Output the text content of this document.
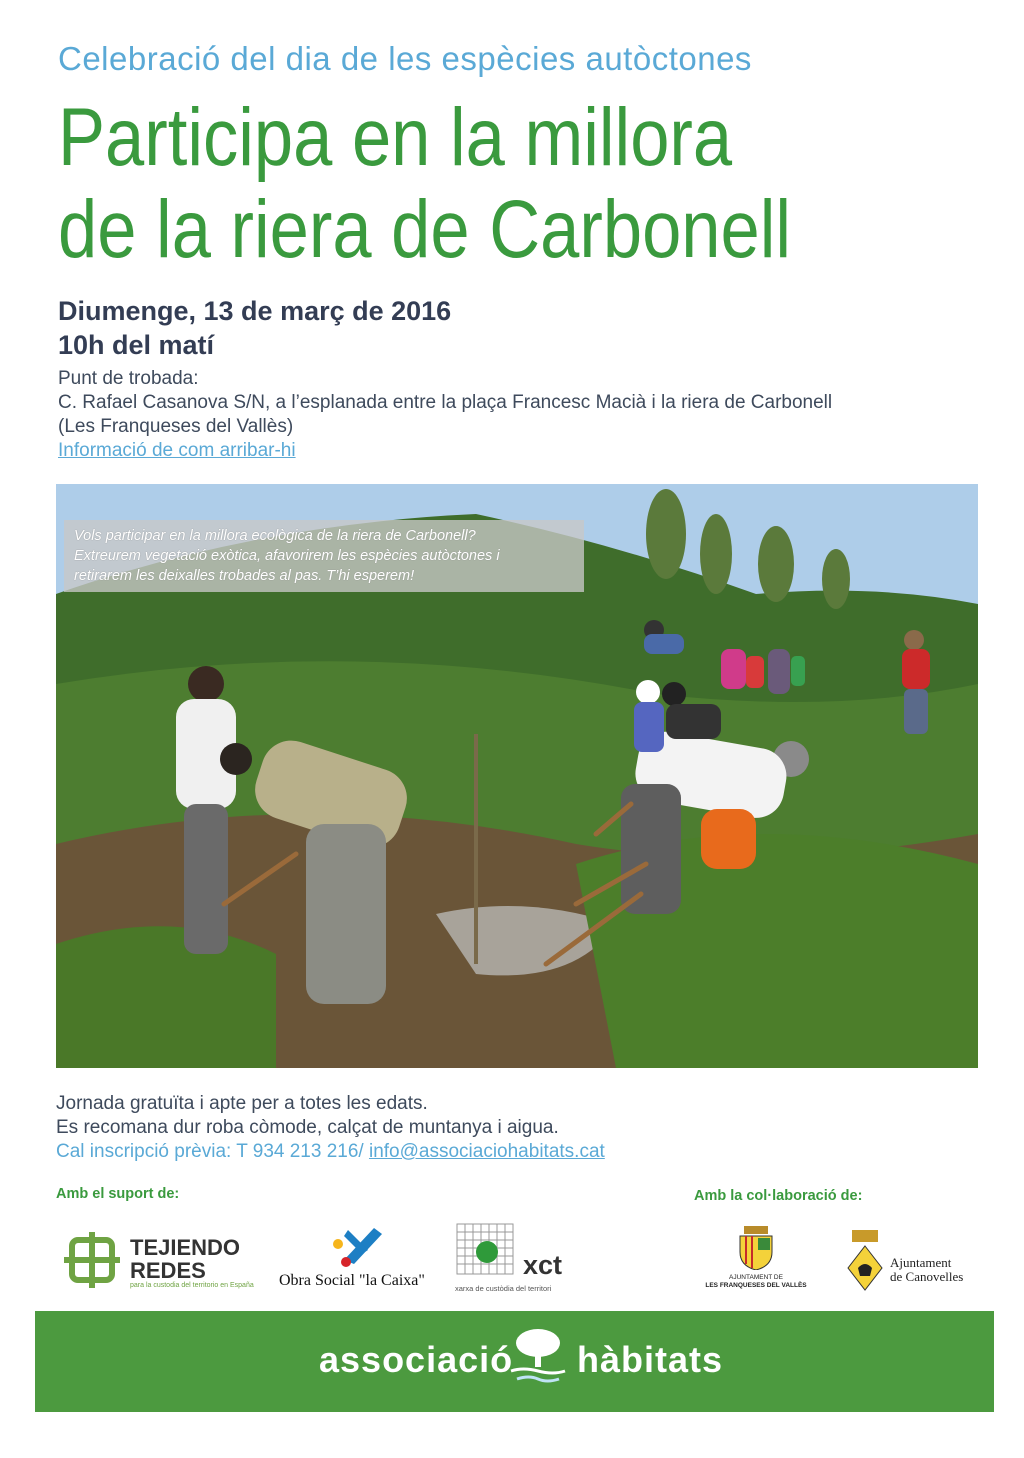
Celebració del dia de les espècies autòctones
Participa en la millora
de la riera de Carbonell
Diumenge, 13 de març de 2016
10h del matí
Punt de trobada:
C. Rafael Casanova S/N, a l’esplanada entre la plaça Francesc Macià i la riera de Carbonell
(Les Franqueses del Vallès)
Informació de com arribar-hi
Vols participar en la millora ecològica de la riera de Carbonell?
Extreurem vegetació exòtica, afavorirem les espècies autòctones i
retirarem les deixalles trobades al pas. T’hi esperem!
Jornada gratuïta i apte per a totes les edats.
Es recomana dur roba còmode, calçat de muntanya i aigua.
Cal inscripció prèvia: T 934 213 216/ info@associaciohabitats.cat
Amb el suport de:	Amb la col·laboració de:
TEJIENDO
REDES
para la custodia del territorio en España Obra Social "la Caixa"
xct
xarxa de custòdia del territori
AJUNTAMENT DE
LES FRANQUESES DEL VALLÈS
Ajuntament
de Canovelles
associació hàbitats
